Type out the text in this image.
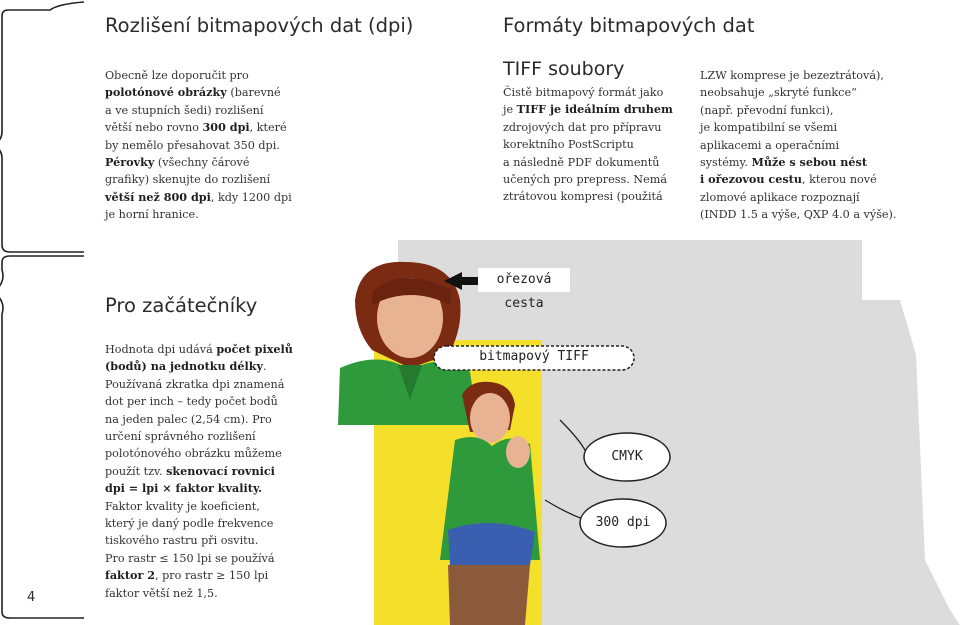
Rozlišení bitmapových dat (dpi)
Obecně lze doporučit pro
polotónové obrázky (barevné
a ve stupních šedi) rozlišení
větší nebo rovno 300 dpi, které
by nemělo přesahovat 350 dpi.
Pérovky (všechny čárové
grafiky) skenujte do rozlišení
větší než 800 dpi, kdy 1200 dpi
je horní hranice.
Pro začátečníky
Hodnota dpi udává počet pixelů
(bodů) na jednotku délky.
Používaná zkratka dpi znamená
dot per inch – tedy počet bodů
na jeden palec (2,54 cm). Pro
určení správného rozlišení
polotónového obrázku můžeme
použít tzv. skenovací rovnici
dpi = lpi × faktor kvality.
Faktor kvality je koeficient,
který je daný podle frekvence
tiskového rastru při osvitu.
Pro rastr ≤ 150 lpi se používá
faktor 2, pro rastr ≥ 150 lpi
faktor větší než 1,5.
4
Formáty bitmapových dat
TIFF soubory
Čistě bitmapový formát jako
je TIFF je ideálním druhem
zdrojových dat pro přípravu
korektního PostScriptu
a následně PDF dokumentů
učených pro prepress. Nemá
ztrátovou kompresi (použitá
LZW komprese je bezeztrátová),
neobsahuje „skryté funkce“
(např. převodní funkci),
je kompatibilní se všemi
aplikacemi a operačními
systémy. Může s sebou nést
i ořezovou cestu, kterou nové
zlomové aplikace rozpoznají
(INDD 1.5 a výše, QXP 4.0 a výše).
ořezová cesta
bitmapový TIFF
CMYK
300 dpi
